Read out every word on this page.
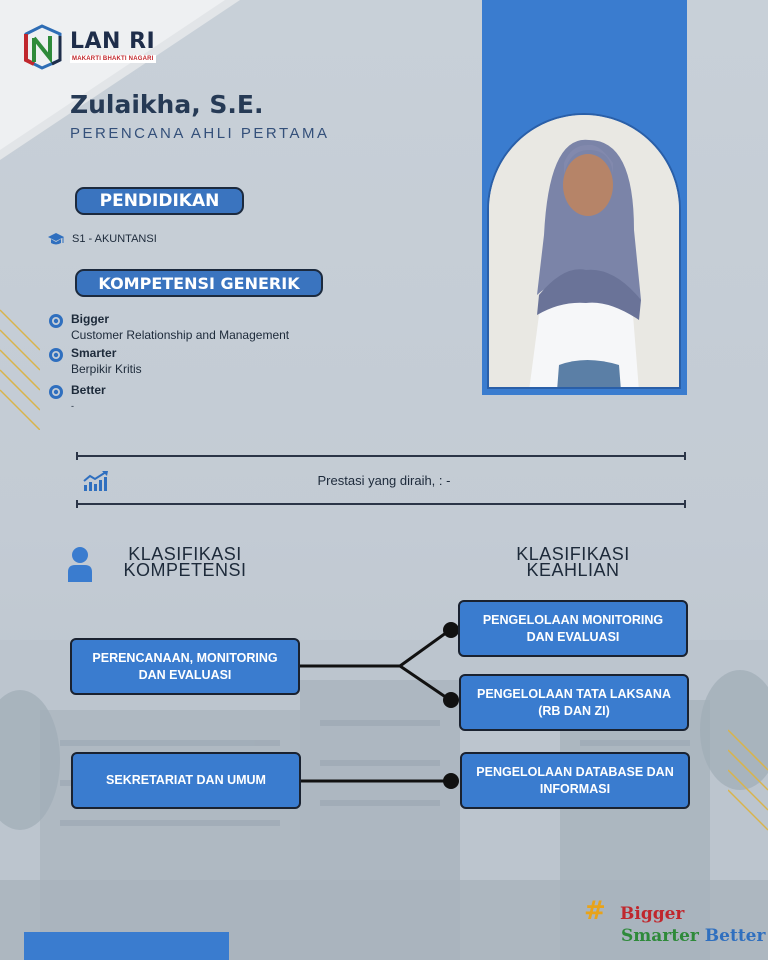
LAN RI
MAKARTI BHAKTI NAGARI
Zulaikha, S.E.
PERENCANA AHLI PERTAMA
PENDIDIKAN
S1 - AKUNTANSI
KOMPETENSI GENERIK
Bigger
Customer Relationship and Management
Smarter
Berpikir Kritis
Better
-
Prestasi yang diraih, : -
KLASIFIKASI
KOMPETENSI
KLASIFIKASI
KEAHLIAN
PERENCANAAN, MONITORING DAN EVALUASI
SEKRETARIAT DAN UMUM
PENGELOLAAN MONITORING DAN EVALUASI
PENGELOLAAN TATA LAKSANA (RB DAN ZI)
PENGELOLAAN DATABASE DAN INFORMASI
# Bigger
Smarter Better
